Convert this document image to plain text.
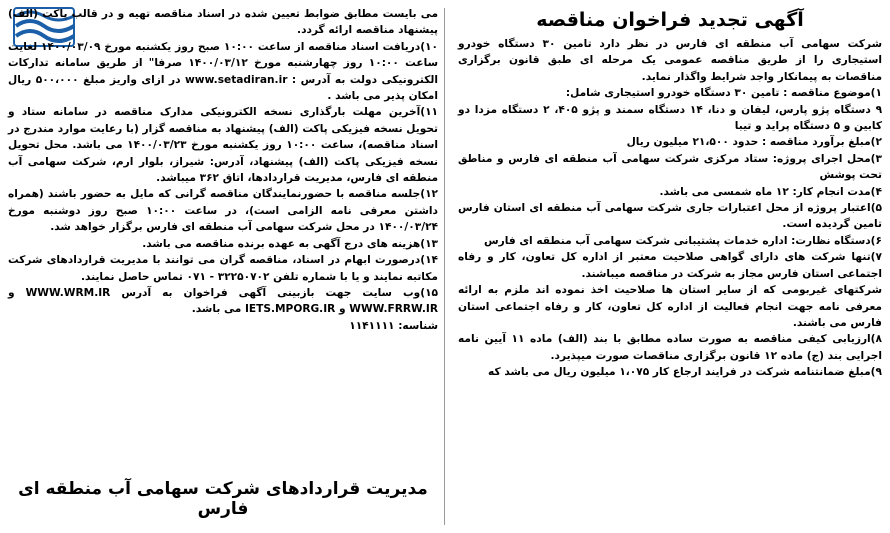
آگهی تجدید فراخوان مناقصه

شرکت سهامی آب منطقه ای فارس در نظر دارد تامین ۳۰ دستگاه خودرو استیجاری را از طریق مناقصه عمومی یک مرحله ای طبق قانون برگزاری مناقصات به پیمانکار واجد شرایط واگذار نماید.

۱)موضوع مناقصه : تامین ۳۰ دستگاه خودرو استیجاری شامل:

۹ دستگاه پژو پارس، لیفان و دنا، ۱۴ دستگاه سمند و پژو ۴۰۵، ۲ دستگاه مزدا دو کابین و ۵ دستگاه پراید و تیبا

۲)مبلغ برآورد مناقصه : حدود ۲۱،۵۰۰ میلیون ریال

۳)محل اجرای پروژه: ستاد مرکزی شرکت سهامی آب منطقه ای فارس و مناطق تحت پوشش

۴)مدت انجام کار: ۱۲ ماه شمسی می باشد.

۵)اعتبار پروژه از محل اعتبارات جاری شرکت سهامی آب منطقه ای استان فارس تامین گردیده است.

۶)دستگاه نظارت: اداره خدمات پشتیبانی شرکت سهامی آب منطقه ای فارس

۷)تنها شرکت های دارای گواهی صلاحیت معتبر از اداره کل تعاون، کار و رفاه اجتماعی استان فارس مجاز به شرکت در مناقصه میباشند.

شرکتهای غیربومی که از سایر استان ها صلاحیت اخذ نموده اند ملزم به ارائه معرفی نامه جهت انجام فعالیت از اداره کل تعاون، کار و رفاه اجتماعی استان فارس می باشند.

۸)ارزیابی کیفی مناقصه به صورت ساده مطابق با بند (الف) ماده ۱۱ آیین نامه اجرایی بند (ج) ماده ۱۲ قانون برگزاری مناقصات صورت میپذیرد.

۹)مبلغ ضمانتنامه شرکت در فرایند ارجاع کار ۱،۰۷۵ میلیون ریال می باشد که

می بایست مطابق ضوابط تعیین شده در اسناد مناقصه تهیه و در قالب پاکت (الف) پیشنهاد مناقصه ارائه گردد.

۱۰)دریافت اسناد مناقصه از ساعت ۱۰:۰۰ صبح روز یکشنبه مورخ ۱۴۰۰/۰۳/۰۹ لغایت ساعت ۱۰:۰۰ روز چهارشنبه مورخ ۱۴۰۰/۰۳/۱۲ صرفا" از طریق سامانه تدارکات الکترونیکی دولت به آدرس : www.setadiran.ir در ازای واریز مبلغ ۵۰۰،۰۰۰ ریال امکان پذیر می باشد .

۱۱)آخرین مهلت بارگذاری نسخه الکترونیکی مدارک مناقصه در سامانه ستاد و تحویل نسخه فیزیکی پاکت (الف) پیشنهاد به مناقصه گزار (با رعایت موارد مندرج در اسناد مناقصه)، ساعت ۱۰:۰۰ روز یکشنبه مورخ ۱۴۰۰/۰۳/۲۳ می باشد. محل تحویل نسخه فیزیکی پاکت (الف) پیشنهاد، آدرس: شیراز، بلوار ارم، شرکت سهامی آب منطقه ای فارس، مدیریت قراردادها، اتاق ۳۶۲ میباشد.

۱۲)جلسه مناقصه با حضورنمایندگان مناقصه گرانی که مایل به حضور باشند (همراه داشتن معرفی نامه الزامی است)، در ساعت ۱۰:۰۰ صبح روز دوشنبه مورخ ۱۴۰۰/۰۳/۲۴ در محل شرکت سهامی آب منطقه ای فارس برگزار خواهد شد.

۱۳)هزینه های درج آگهی به عهده برنده مناقصه می باشد.

۱۴)درصورت ابهام در اسناد، مناقصه گران می توانند با مدیریت قراردادهای شرکت مکاتبه نمایند و یا با شماره تلفن ۳۲۲۵۰۷۰۲ - ۰۷۱ تماس حاصل نمایند.

۱۵)وب سایت جهت بازبینی آگهی فراخوان به آدرس WWW.WRM.IR و WWW.FRRW.IR و IETS.MPORG.IR می باشد.

شناسه: ۱۱۴۱۱۱۱

مدیریت قراردادهای شرکت سهامی آب منطقه ای فارس
